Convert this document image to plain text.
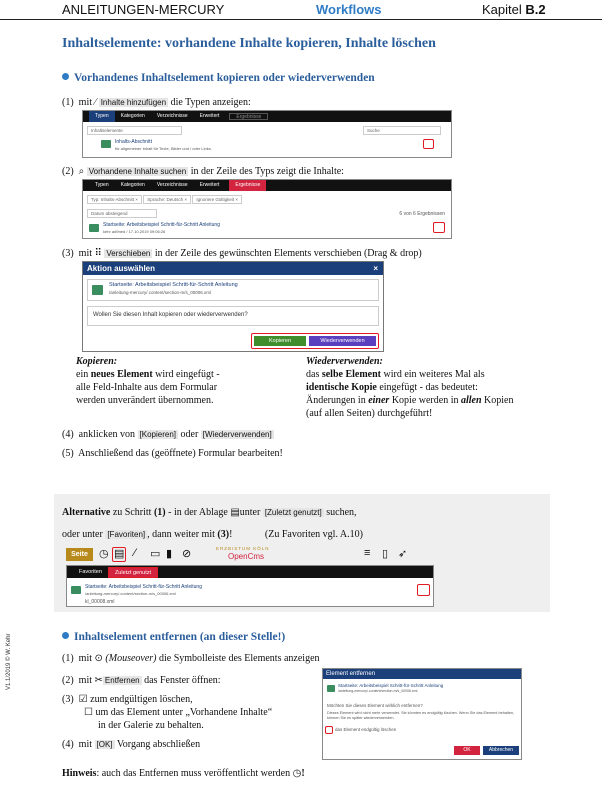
ANLEITUNGEN-MERCURY	Workflows	Kapitel B.2
Inhaltselemente: vorhandene Inhalte kopieren, Inhalte löschen
Vorhandenes Inhaltselement kopieren oder wiederverwenden
(1) mit ⁄ Inhalte hinzufügen die Typen anzeigen:
Typen	Kategorien	Verzeichnisse	Erweitert	Ergebnisse
Inhaltselemente	Suche
Inhalts-Abschnitt
für allgemeiner Inhalt für Texte, Bilder und / oder Links.
(2) ⌕ Vorhandene Inhalte suchen in der Zeile des Typs zeigt die Inhalte:
Typen	Kategorien	Verzeichnisse	Erweitert	Ergebnisse
Typ: Inhalts-Abschnitt × Sprache: Deutsch × Ignoriere Gültigkeit ×
Datum absteigend	6 von 6 Ergebnissen
Startseite: Arbeitsbeispiel Schritt-für-Schritt Anleitung
kehr ad9ned / 17.10.2019 09:06:26
(3) mit ⠿ Verschieben in der Zeile des gewünschten Elements verschieben (Drag & drop)
Aktion auswählen	×
Startseite: Arbeitsbeispiel Schritt-für-Schritt Anleitung
/anleitung-mercury/.content/section-m/s_00006.xml
Wollen Sie diesen Inhalt kopieren oder wiederverwenden?
Kopieren	Wiederverwenden
Kopieren:
ein neues Element wird eingefügt -
alle Feld-Inhalte aus dem Formular
werden unverändert übernommen.
Wiederverwenden:
das selbe Element wird ein weiteres Mal als
identische Kopie eingefügt - das bedeutet:
Änderungen in einer Kopie werden in allen Kopien
(auf allen Seiten) durchgeführt!
(4) anklicken von [Kopieren] oder [Wiederverwenden]
(5) Anschließend das (geöffnete) Formular bearbeiten!
Alternative zu Schritt (1) - in der Ablage ▤unter [Zuletzt genutzt] suchen,
oder unter [Favoriten] , dann weiter mit (3)!	(Zu Favoriten vgl. A.10)
Seite	◷ ▤ ⁄ ▭ ▮ ⊘	ERZBISTUM KÖLN
OpenCms	≡ ▯ ➶
Favoriten	Zuletzt genutzt
Startseite: Arbeitsbeispiel Schritt-für-Schritt Anleitung
/anleitung-mercury/.content/section-m/s_00006.xml
kl_00008.xml
Inhaltselement entfernen (an dieser Stelle!)
(1) mit ⊙ (Mouseover) die Symbolleiste des Elements anzeigen
(2) mit ✂ Entfernen das Fenster öffnen:
(3) ☑ zum endgültigen löschen,
☐ um das Element unter „Vorhandene Inhalte“
in der Galerie zu behalten.
(4) mit [OK] Vorgang abschließen
Element entfernen
Startseite: Arbeitsbeispiel Schritt-für-Schritt Anleitung
/anleitung-mercury/.content/section-m/s_00006.xml
Möchten Sie dieses Element wirklich entfernen?
Dieses Element wird nicht mehr verwendet. Sie könnten es endgültig löschen. Wenn Sie das Element behalten, können Sie es später wiederverwenden.
das Element endgültig löschen
OK	Abbrechen
Hinweis: auch das Entfernen muss veröffentlicht werden ◷!
V1.1/2019 © W. Kehr
